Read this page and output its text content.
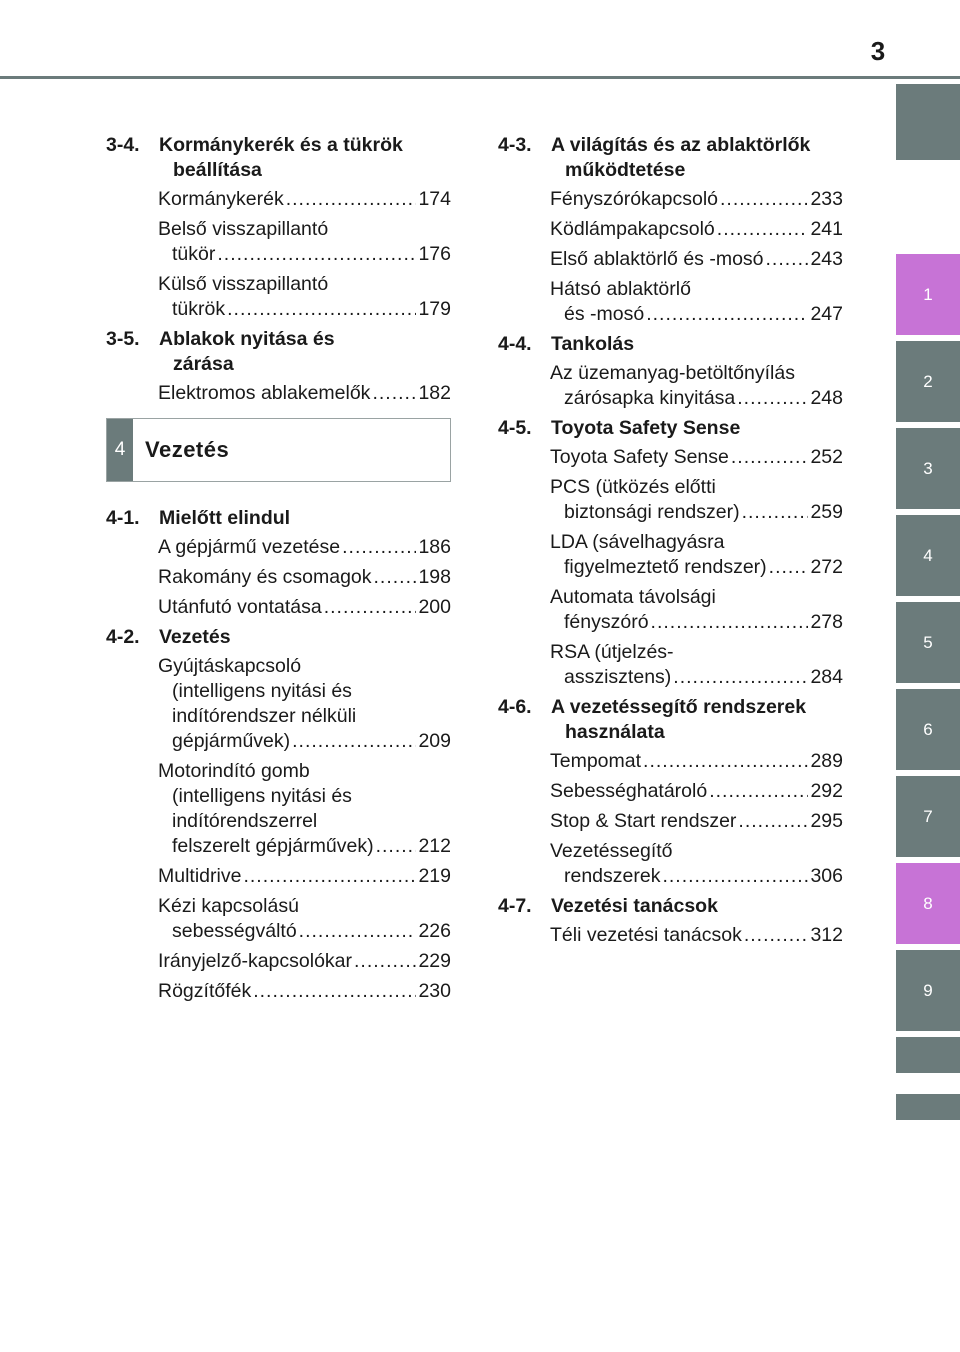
3
3-4. Kormánykerék és a tükrök
beállítása
Kormánykerék .....	174
Belső visszapillantó
tükör .....	176
Külső visszapillantó
tükrök .....	179
3-5. Ablakok nyitása és
zárása
Elektromos ablakemelők ..... 182
4 Vezetés
4-1. Mielőtt elindul
A gépjármű vezetése .....	186
Rakomány és csomagok ..... 198
Utánfutó vontatása .....	200
4-2. Vezetés
Gyújtáskapcsoló
(intelligens nyitási és
indítórendszer nélküli
gépjárművek) .....	209
Motorindító gomb
(intelligens nyitási és
indítórendszerrel
felszerelt gépjárművek) ..... 212
Multidrive .....	219
Kézi kapcsolású
sebességváltó .....	226
Irányjelző-kapcsolókar .....	229
Rögzítőfék .....	230
4-3. A világítás és az ablaktörlők
működtetése
Fényszórókapcsoló .....	233
Ködlámpakapcsoló .....	241
Első ablaktörlő és -mosó ..... 243
Hátsó ablaktörlő
és -mosó .....	247
4-4. Tankolás
Az üzemanyag-betöltőnyílás
zárósapka kinyitása .....	248
4-5. Toyota Safety Sense
Toyota Safety Sense .....	252
PCS (ütközés előtti
biztonsági rendszer) .....	259
LDA (sávelhagyásra
figyelmeztető rendszer) ..... 272
Automata távolsági
fényszóró .....	278
RSA (útjelzés-
asszisztens) .....	284
4-6. A vezetéssegítő rendszerek
használata
Tempomat .....	289
Sebességhatároló .....	292
Stop & Start rendszer .....	295
Vezetéssegítő
rendszerek .....	306
4-7. Vezetési tanácsok
Téli vezetési tanácsok .....	312
1
2
3
4
5
6
7
8
9
